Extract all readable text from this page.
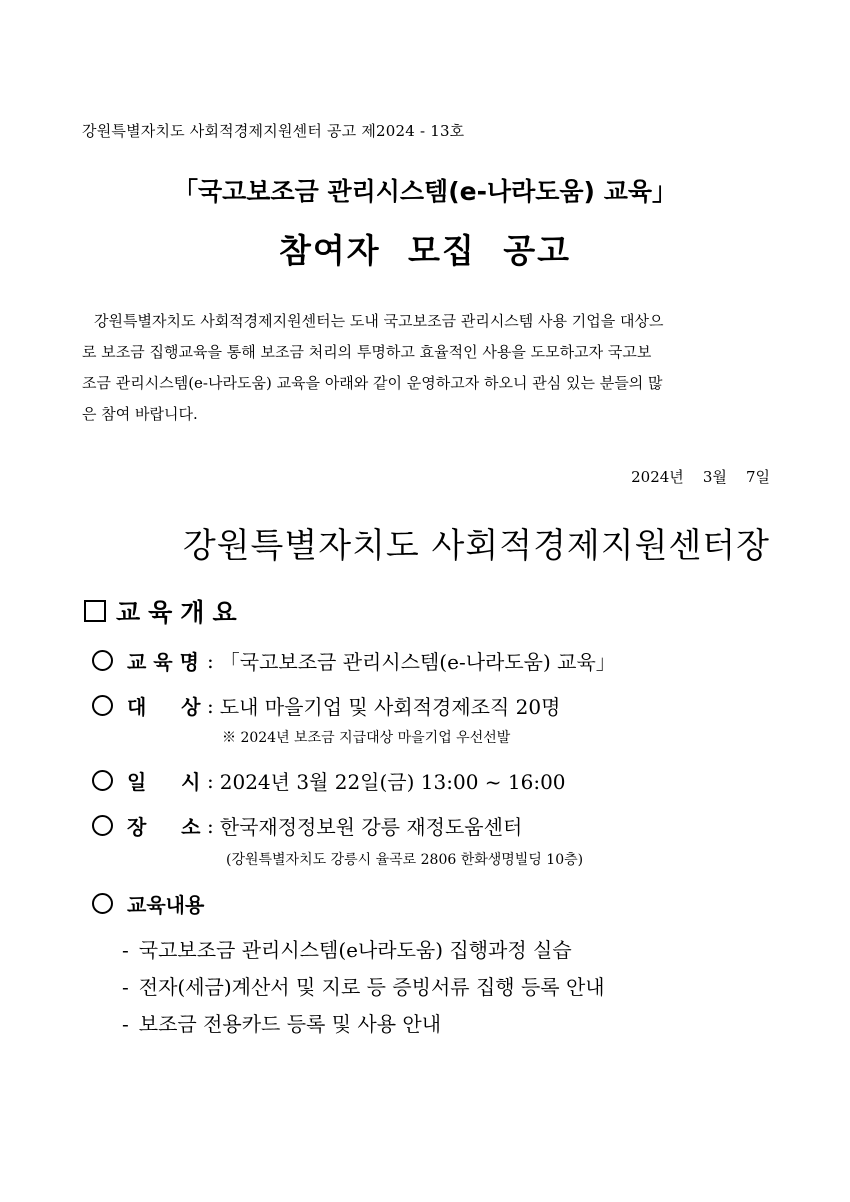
강원특별자치도 사회적경제지원센터 공고 제2024 - 13호
「국고보조금 관리시스템(e-나라도움) 교육」
참여자 모집 공고
강원특별자치도 사회적경제지원센터는 도내 국고보조금 관리시스템 사용 기업을 대상으
로 보조금 집행교육을 통해 보조금 처리의 투명하고 효율적인 사용을 도모하고자 국고보
조금 관리시스템(e-나라도움) 교육을 아래와 같이 운영하고자 하오니 관심 있는 분들의 많
은 참여 바랍니다.
2024년    3월    7일
강원특별자치도 사회적경제지원센터장
교육개요
교 육 명 : 「국고보조금 관리시스템(e-나라도움) 교육」
대     상 : 도내 마을기업 및 사회적경제조직 20명
※ 2024년 보조금 지급대상 마을기업 우선선발
일     시 : 2024년 3월 22일(금) 13:00 ~ 16:00
장     소 : 한국재정정보원 강릉 재정도움센터
(강원특별자치도 강릉시 율곡로 2806 한화생명빌딩 10층)
교육내용
- 국고보조금 관리시스템(e나라도움) 집행과정 실습
- 전자(세금)계산서 및 지로 등 증빙서류 집행 등록 안내
- 보조금 전용카드 등록 및 사용 안내
